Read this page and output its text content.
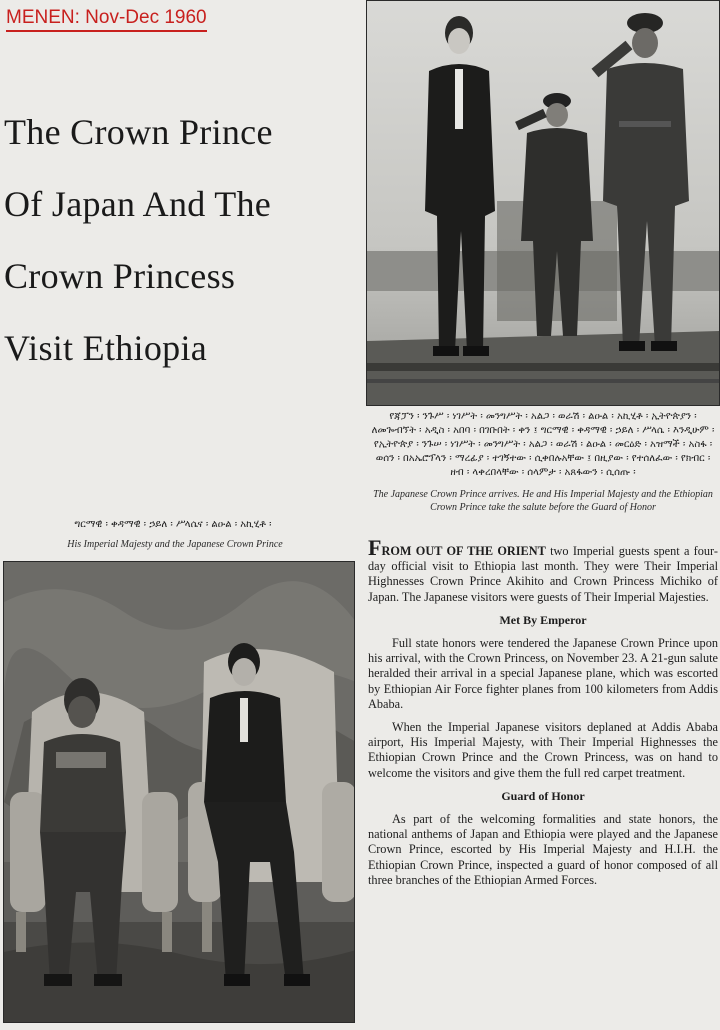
MENEN: Nov-Dec 1960
The Crown Prince
Of Japan And The
Crown Princess
Visit Ethiopia
የጃፓን ፡ ንጉሥ ፡ ነገሥት ፡ መንግሥት ፡ አልጋ ፡ ወራሽ ፡ ልዑል ፡ አኪሂቶ ፡ ኢትዮጵያን ፡ ለመጐብኘት ፡ አዲስ ፡ አበባ ፡ በገቡበት ፡ ቀን ፤ ግርማዊ ፡ ቀዳማዊ ፡ ኃይለ ፡ ሥላሴ ፡ እንዲሁም ፡ የኢትዮጵያ ፡ ንጉሠ ፡ ነገሥት ፡ መንግሥት ፡ አልጋ ፡ ወራሽ ፡ ልዑል ፡ መርዕድ ፡ አዝማች ፡ አስፋ ፡ ወሰን ፡ በአኤሮፕላን ፡ ማረፊያ ፡ ተገኝተው ፡ ሲቀበሉአቸው ፤ በዚያው ፡ የተሰለፈው ፡ የክብር ፡ ዘብ ፡ ላቀረበላቸው ፡ ሰላምታ ፡ አጸፋውን ፡ ሲሰጡ ፡
The Japanese Crown Prince arrives. He and His Imperial Majesty and the Ethiopian Crown Prince take the salute before the Guard of Honor
ግርማዊ ፡ ቀዳማዊ ፡ ኃይለ ፡ ሥላሴና ፡ ልዑል ፡ አኪሂቶ ፡
His Imperial Majesty and the Japanese Crown Prince	FROM OUT OF THE ORIENT two Imperial guests spent a four-day official visit to Ethiopia last month. They were Their Imperial Highnesses Crown Prince Akihito and Crown Princess Michiko of Japan. The Japanese visitors were guests of Their Imperial Majesties.

Met By Emperor

Full state honors were tendered the Japanese Crown Prince upon his arrival, with the Crown Princess, on November 23. A 21-gun salute heralded their arrival in a special Japanese plane, which was escorted by Ethiopian Air Force fighter planes from 100 kilometers from Addis Ababa.

When the Imperial Japanese visitors deplaned at Addis Ababa airport, His Imperial Majesty, with Their Imperial Highnesses the Ethiopian Crown Prince and the Crown Princess, was on hand to welcome the visitors and give them the full red carpet treatment.

Guard of Honor

As part of the welcoming formalities and state honors, the national anthems of Japan and Ethiopia were played and the Japanese Crown Prince, escorted by His Imperial Majesty and H.I.H. the Ethiopian Crown Prince, inspected a guard of honor composed of all three branches of the Ethiopian Armed Forces.
